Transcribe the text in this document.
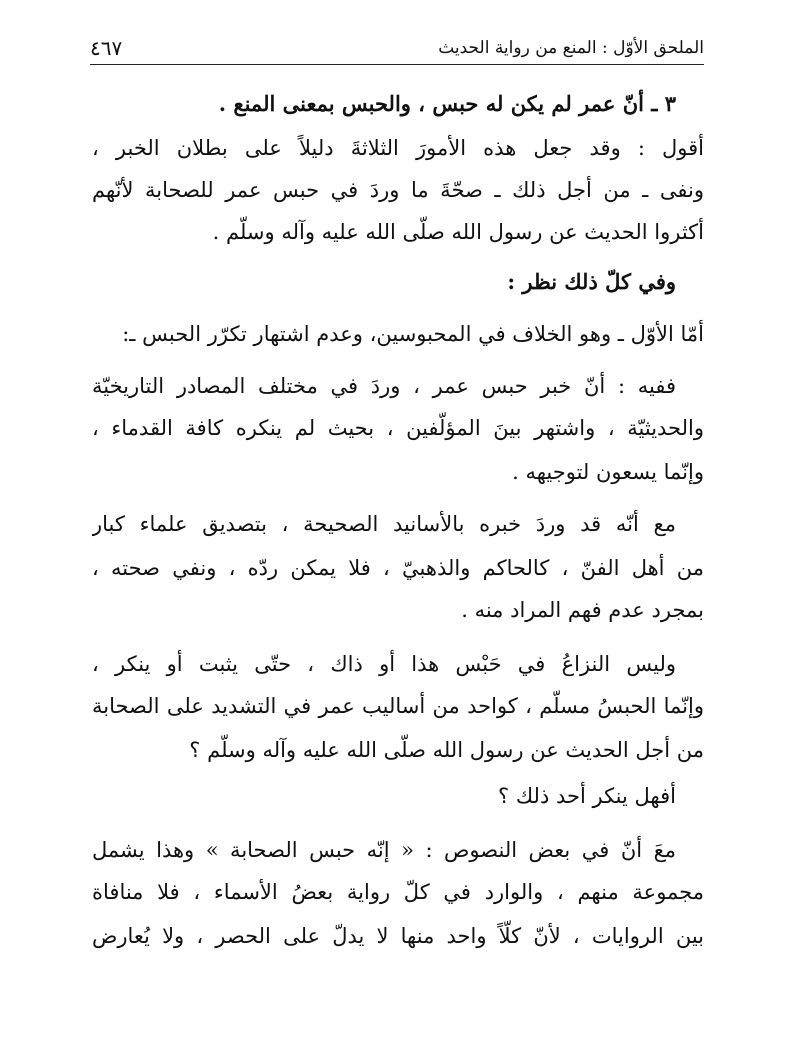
الملحق الأوّل : المنع من رواية الحديث
٤٦٧
٣ ـ أنّ عمر لم يكن له حبس ، والحبس بمعنى المنع .
أقول : وقد جعل هذه الأمورَ الثلاثةَ دليلاً على بطلان الخبر ،
ونفى ـ من أجل ذلك ـ صحّةَ ما وردَ في حبس عمر للصحابة لأنّهم
أكثروا الحديث عن رسول الله صلّى الله عليه وآله وسلّم .
وفي كلّ ذلك نظر :
أمّا الأوّل ـ وهو الخلاف في المحبوسين، وعدم اشتهار تكرّر الحبس ـ:
ففيه : أنّ خبر حبس عمر ، وردَ في مختلف المصادر التاريخيّة
والحديثيّة ، واشتهر بينَ المؤلّفين ، بحيث لم ينكره كافة القدماء ،
وإنّما يسعون لتوجيهه .
مع أنّه قد وردَ خبره بالأسانيد الصحيحة ، بتصديق علماء كبار
من أهل الفنّ ، كالحاكم والذهبيّ ، فلا يمكن ردّه ، ونفي صحته ،
بمجرد عدم فهم المراد منه .
وليس النزاعُ في حَبْس هذا أو ذاك ، حتّى يثبت أو ينكر ،
وإنّما الحبسُ مسلّم ، كواحد من أساليب عمر في التشديد على الصحابة
من أجل الحديث عن رسول الله صلّى الله عليه وآله وسلّم ؟
أفهل ينكر أحد ذلك ؟
معَ أنّ في بعض النصوص : « إنّه حبس الصحابة » وهذا يشمل
مجموعة منهم ، والوارد في كلّ رواية بعضُ الأسماء ، فلا منافاة
بين الروايات ، لأنّ كلّاً واحد منها لا يدلّ على الحصر ، ولا يُعارض
